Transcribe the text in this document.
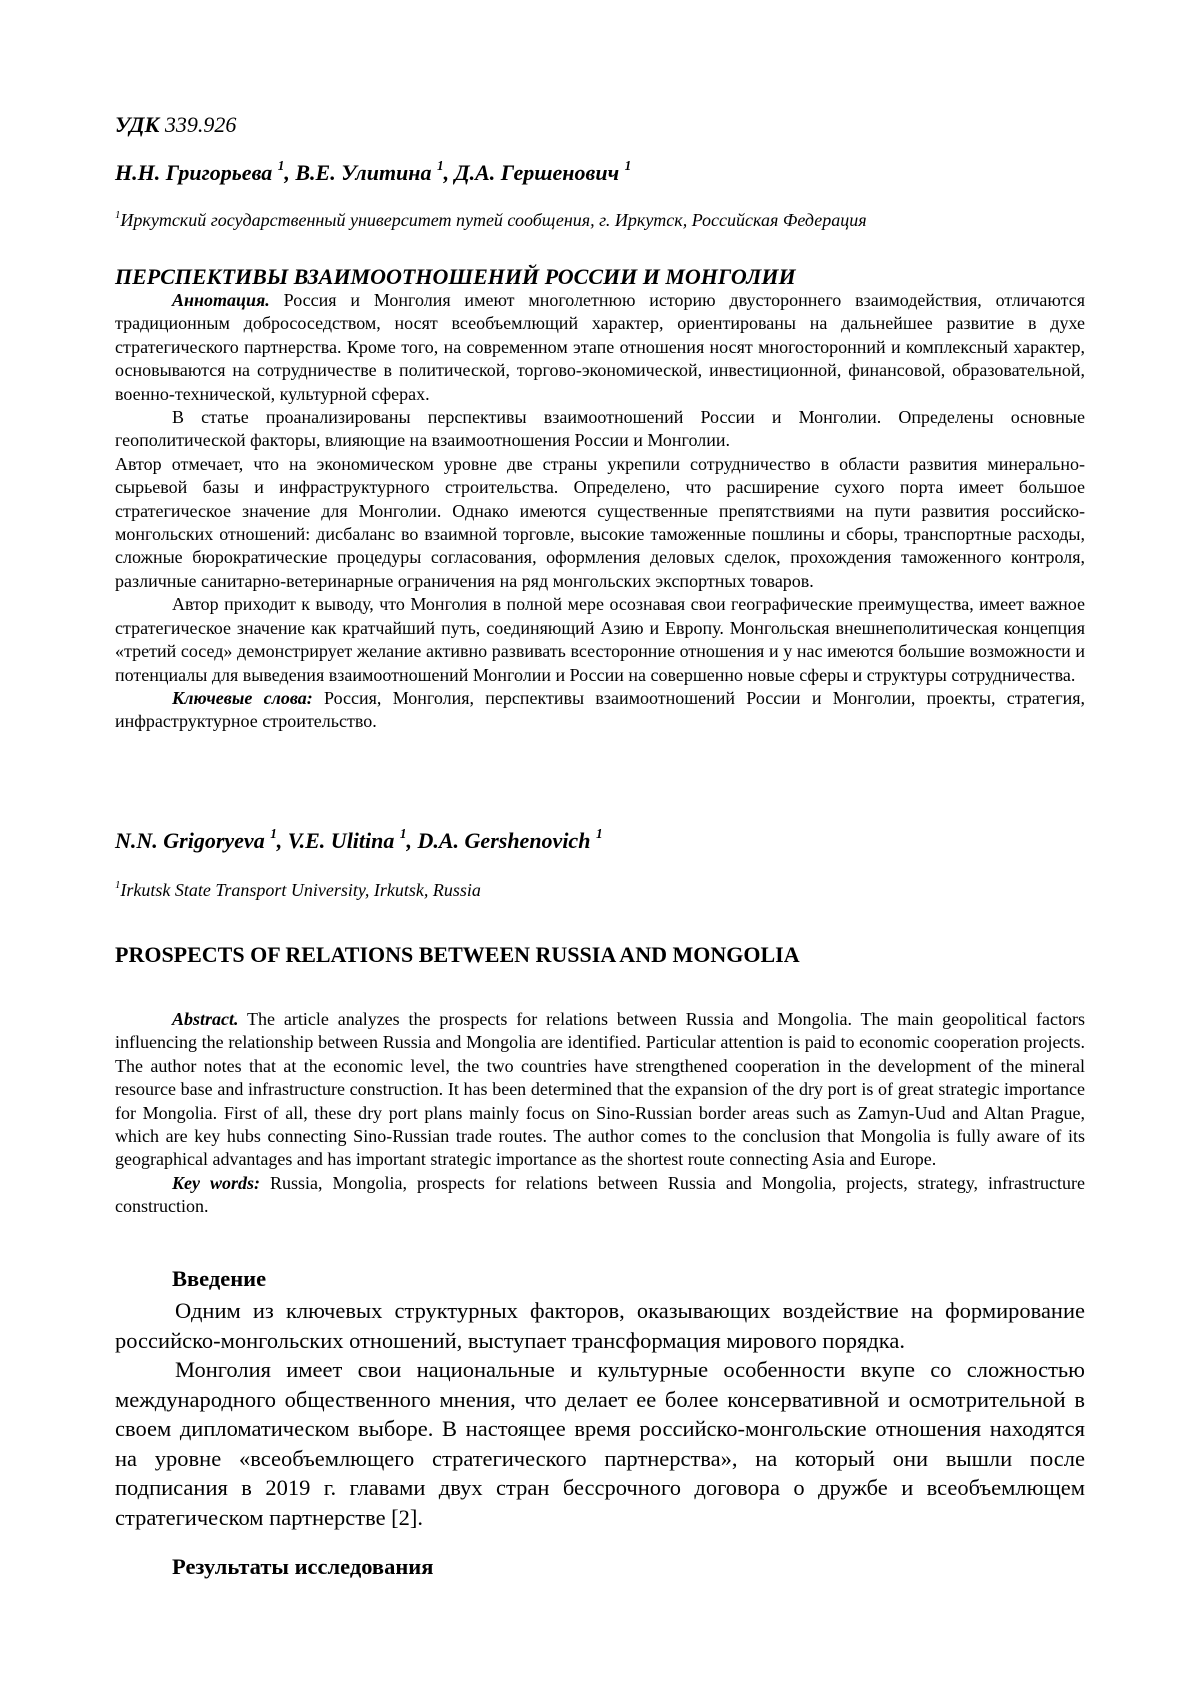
УДК 339.926
Н.Н. Григорьева $^1$, В.Е. Улитина $^1$, Д.А. Гершенович $^1$
$^1$Иркутский государственный университет путей сообщения, г. Иркутск, Российская Федерация
ПЕРСПЕКТИВЫ ВЗАИМООТНОШЕНИЙ РОССИИ И МОНГОЛИИ

Аннотация. Россия и Монголия имеют многолетнюю историю двустороннего взаимодействия, отличаются традиционным добрососедством, носят всеобъемлющий характер, ориентированы на дальнейшее развитие в духе стратегического партнерства. Кроме того, на современном этапе отношения носят многосторонний и комплексный характер, основываются на сотрудничестве в политической, торгово-экономической, инвестиционной, финансовой, образовательной, военно-технической, культурной сферах.

В статье проанализированы перспективы взаимоотношений России и Монголии. Определены основные геополитической факторы, влияющие на взаимоотношения России и Монголии.

Автор отмечает, что на экономическом уровне две страны укрепили сотрудничество в области развития минерально-сырьевой базы и инфраструктурного строительства. Определено, что расширение сухого порта имеет большое стратегическое значение для Монголии. Однако имеются существенные препятствиями на пути развития российско-монгольских отношений: дисбаланс во взаимной торговле, высокие таможенные пошлины и сборы, транспортные расходы, сложные бюрократические процедуры согласования, оформления деловых сделок, прохождения таможенного контроля, различные санитарно-ветеринарные ограничения на ряд монгольских экспортных товаров.

Автор приходит к выводу, что Монголия в полной мере осознавая свои географические преимущества, имеет важное стратегическое значение как кратчайший путь, соединяющий Азию и Европу. Монгольская внешнеполитическая концепция «третий сосед» демонстрирует желание активно развивать всесторонние отношения и у нас имеются большие возможности и потенциалы для выведения взаимоотношений Монголии и России на совершенно новые сферы и структуры сотрудничества.

Ключевые слова: Россия, Монголия, перспективы взаимоотношений России и Монголии, проекты, стратегия, инфраструктурное строительство.

N.N. Grigoryeva $^1$, V.E. Ulitina $^1$, D.A. Gershenovich $^1$
$^1$Irkutsk State Transport University, Irkutsk, Russia
PROSPECTS OF RELATIONS BETWEEN RUSSIA AND MONGOLIA

Abstract. The article analyzes the prospects for relations between Russia and Mongolia. The main geopolitical factors influencing the relationship between Russia and Mongolia are identified. Particular attention is paid to economic cooperation projects. The author notes that at the economic level, the two countries have strengthened cooperation in the development of the mineral resource base and infrastructure construction. It has been determined that the expansion of the dry port is of great strategic importance for Mongolia. First of all, these dry port plans mainly focus on Sino-Russian border areas such as Zamyn-Uud and Altan Prague, which are key hubs connecting Sino-Russian trade routes. The author comes to the conclusion that Mongolia is fully aware of its geographical advantages and has important strategic importance as the shortest route connecting Asia and Europe.

Key words: Russia, Mongolia, prospects for relations between Russia and Mongolia, projects, strategy, infrastructure construction.

Введение

Одним из ключевых структурных факторов, оказывающих воздействие на формирование российско-монгольских отношений, выступает трансформация мирового порядка.

Монголия имеет свои национальные и культурные особенности вкупе со сложностью международного общественного мнения, что делает ее более консервативной и осмотрительной в своем дипломатическом выборе. В настоящее время российско-монгольские отношения находятся на уровне «всеобъемлющего стратегического партнерства», на который они вышли после подписания в 2019 г. главами двух стран бессрочного договора о дружбе и всеобъемлющем стратегическом партнерстве [2].

Результаты исследования
